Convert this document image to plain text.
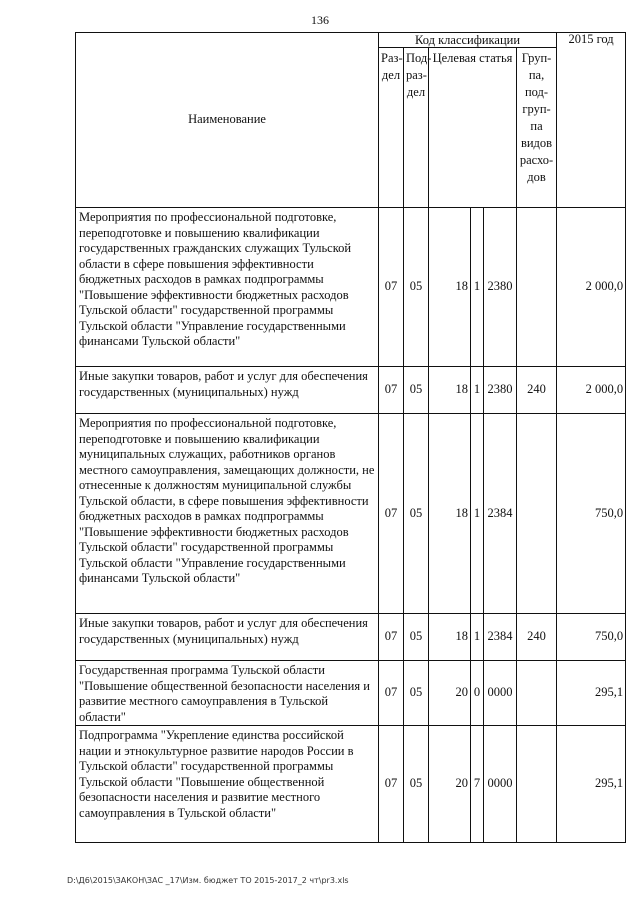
136
Наименование	Код классификации						2015 год
	Раз-дел	Под-раз-дел	Целевая статья			Груп-па, под-груп-па видов расхо-дов	
Мероприятия по профессиональной подготовке, переподготовке и повышению квалификации государственных гражданских служащих Тульской области в сфере повышения эффективности бюджетных расходов в рамках подпрограммы "Повышение эффективности бюджетных расходов Тульской области" государственной программы Тульской области "Управление государственными финансами Тульской области"	07	05	18	1	2380		2 000,0
Иные закупки товаров, работ и услуг для обеспечения государственных (муниципальных) нужд	07	05	18	1	2380	240	2 000,0
Мероприятия по профессиональной подготовке, переподготовке и повышению квалификации муниципальных служащих, работников органов местного самоуправления, замещающих должности, не отнесенные к должностям муниципальной службы Тульской области, в сфере повышения эффективности бюджетных расходов в рамках подпрограммы "Повышение эффективности бюджетных расходов Тульской области" государственной программы Тульской области "Управление государственными финансами Тульской области"	07	05	18	1	2384		750,0
Иные закупки товаров, работ и услуг для обеспечения государственных (муниципальных) нужд	07	05	18	1	2384	240	750,0
Государственная программа Тульской области "Повышение общественной безопасности населения и развитие местного самоуправления в Тульской области"	07	05	20	0	0000		295,1
Подпрограмма "Укрепление единства российской нации и этнокультурное развитие народов России в Тульской области" государственной программы Тульской области "Повышение общественной безопасности населения и развитие местного самоуправления в Тульской области"	07	05	20	7	0000		295,1
D:\Д6\2015\ЗАКОН\ЗАС _17\Изм. бюджет ТО 2015-2017_2 чт\pr3.xls
